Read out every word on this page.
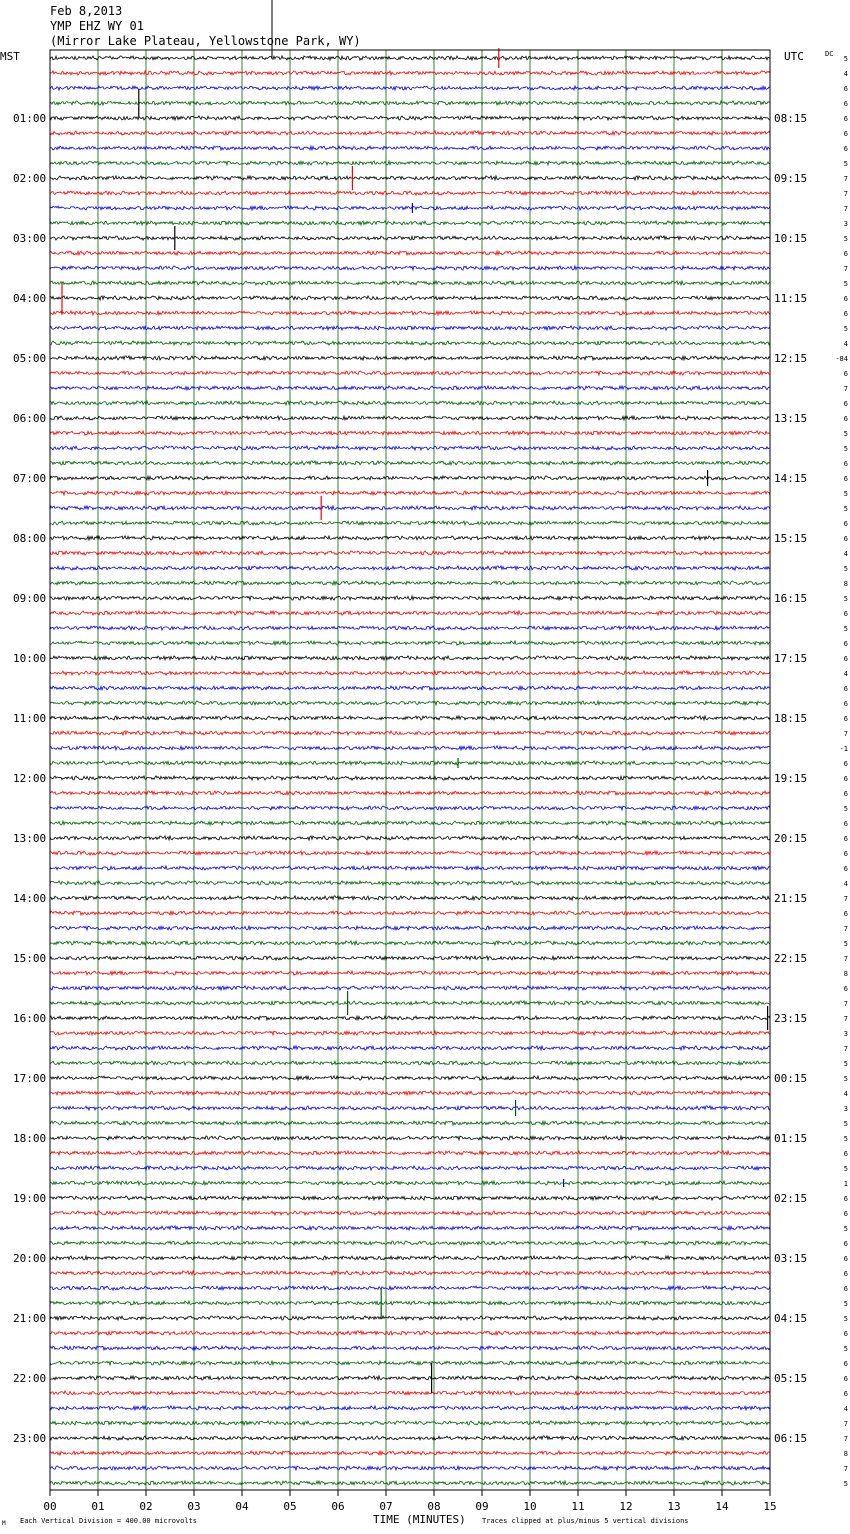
01:00
02:00
03:00
04:00
05:00
06:00
07:00
08:00
09:00
10:00
11:00
12:00
13:00
14:00
15:00
16:00
17:00
18:00
19:00
20:00
21:00
22:00
23:00
08:15
09:15
10:15
11:15
12:15
13:15
14:15
15:15
16:15
17:15
18:15
19:15
20:15
21:15
22:15
23:15
00:15
01:15
02:15
03:15
04:15
05:15
06:15
00	01	02	03	04	05	06	07	08	09	10	11	12	13	14	15
5
4
6
6
6
6
6
5
7
7
7
3
5
6
7
5
6
6
5
4
-84
6
7
6
6
5
5
6
6
5
5
6
6
4
5
8
5
6
5
6
6
4
6
6
6
7
-1
6
6
6
5
6
6
6
6
4
7
6
7
5
7
8
6
7
7
3
7
5
5
4
3
5
5
6
5
1
6
6
5
6
6
6
6
5
5
6
5
6
6
6
4
7
7
8
7
5
MST	UTC	DC
TIME (MINUTES)
Each Vertical Division = 400.00 microvolts	Traces clipped at plus/minus 5 vertical divisions
M
Feb 8,2013
YMP EHZ WY 01
(Mirror Lake Plateau, Yellowstone Park, WY)
